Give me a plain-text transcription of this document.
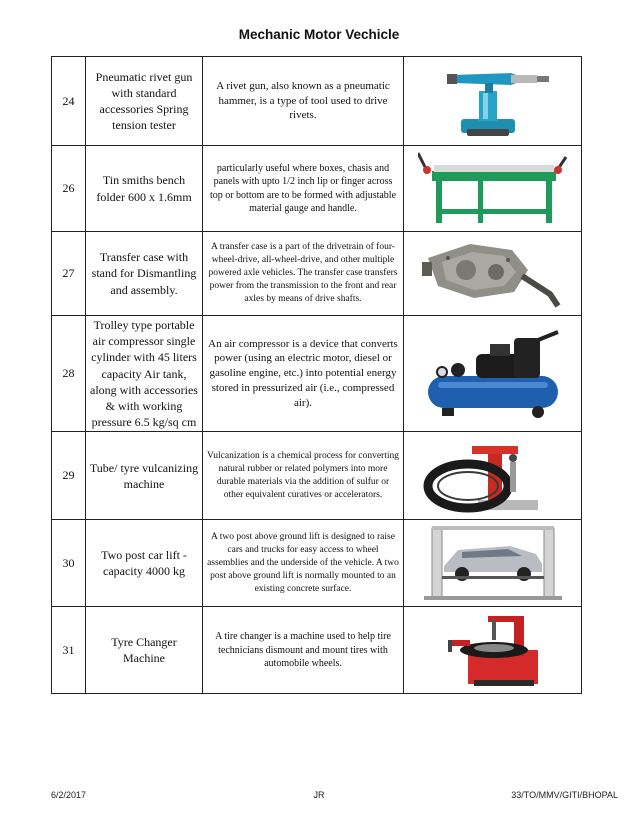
Mechanic Motor Vechicle
24	Pneumatic rivet gun with standard accessories Spring tension tester	A rivet gun, also known as a pneumatic hammer, is a type of tool used to drive rivets.	

26	Tin smiths bench folder 600 x 1.6mm	particularly useful where boxes, chasis and panels with upto 1/2 inch lip or finger across top or bottom are to be formed with adjustable material gauge and handle.	

27	Transfer case with stand for Dismantling and assembly.	A transfer case is a part of the drivetrain of four-wheel-drive, all-wheel-drive, and other multiple powered axle vehicles. The transfer case transfers power from the transmission to the front and rear axles by means of drive shafts.	

28	Trolley type portable air compressor single cylinder with 45 liters capacity Air tank, along with accessories & with working pressure 6.5 kg/sq cm	An air compressor is a device that converts power (using an electric motor, diesel or gasoline engine, etc.) into potential energy stored in pressurized air (i.e., compressed air).	

29	Tube/ tyre vulcanizing machine	Vulcanization is a chemical process for converting natural rubber or related polymers into more durable materials via the addition of sulfur or other equivalent curatives or accelerators.	

30	Two post car lift - capacity 4000 kg	A two post above ground lift is designed to raise cars and trucks for easy access to wheel assemblies and the underside of the vehicle. A two post above ground lift is normally mounted to an existing concrete surface.	

31	Tyre Changer Machine	A tire changer is a machine used to help tire technicians dismount and mount tires with automobile wheels.	
6/2/2017	JR	33/TO/MMV/GITI/BHOPAL
